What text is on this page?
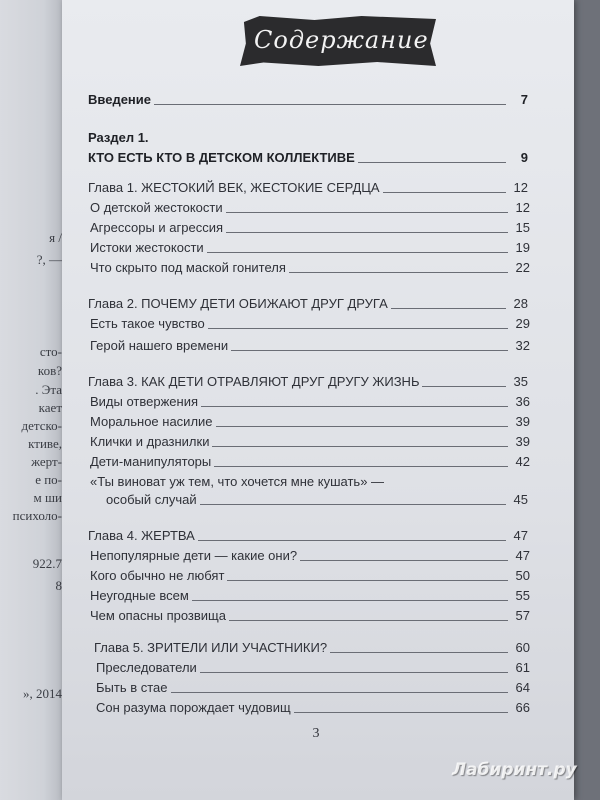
я /
?, —
сто-
ков?
. Эта
кает
детско-
ктиве,
жерт-
е по-
м ши
психоло-
922.7
8
», 2014
Содержание
Введение	7
Раздел 1.
КТО ЕСТЬ КТО В ДЕТСКОМ КОЛЛЕКТИВЕ	9
Глава 1. ЖЕСТОКИЙ ВЕК, ЖЕСТОКИЕ СЕРДЦА	12
О детской жестокости	12
Агрессоры и агрессия	15
Истоки жестокости	19
Что скрыто под маской гонителя	22
Глава 2. ПОЧЕМУ ДЕТИ ОБИЖАЮТ ДРУГ ДРУГА	28
Есть такое чувство	29
Герой нашего времени	32
Глава 3. КАК ДЕТИ ОТРАВЛЯЮТ ДРУГ ДРУГУ ЖИЗНЬ	35
Виды отвержения	36
Моральное насилие	39
Клички и дразнилки	39
Дети-манипуляторы	42
«Ты виноват уж тем, что хочется мне кушать» —
особый случай	45
Глава 4. ЖЕРТВА	47
Непопулярные дети — какие они?	47
Кого обычно не любят	50
Неугодные всем	55
Чем опасны прозвища	57
Глава 5. ЗРИТЕЛИ ИЛИ УЧАСТНИКИ?	60
Преследователи	61
Быть в стае	64
Сон разума порождает чудовищ	66
3
Лабиринт.ру
